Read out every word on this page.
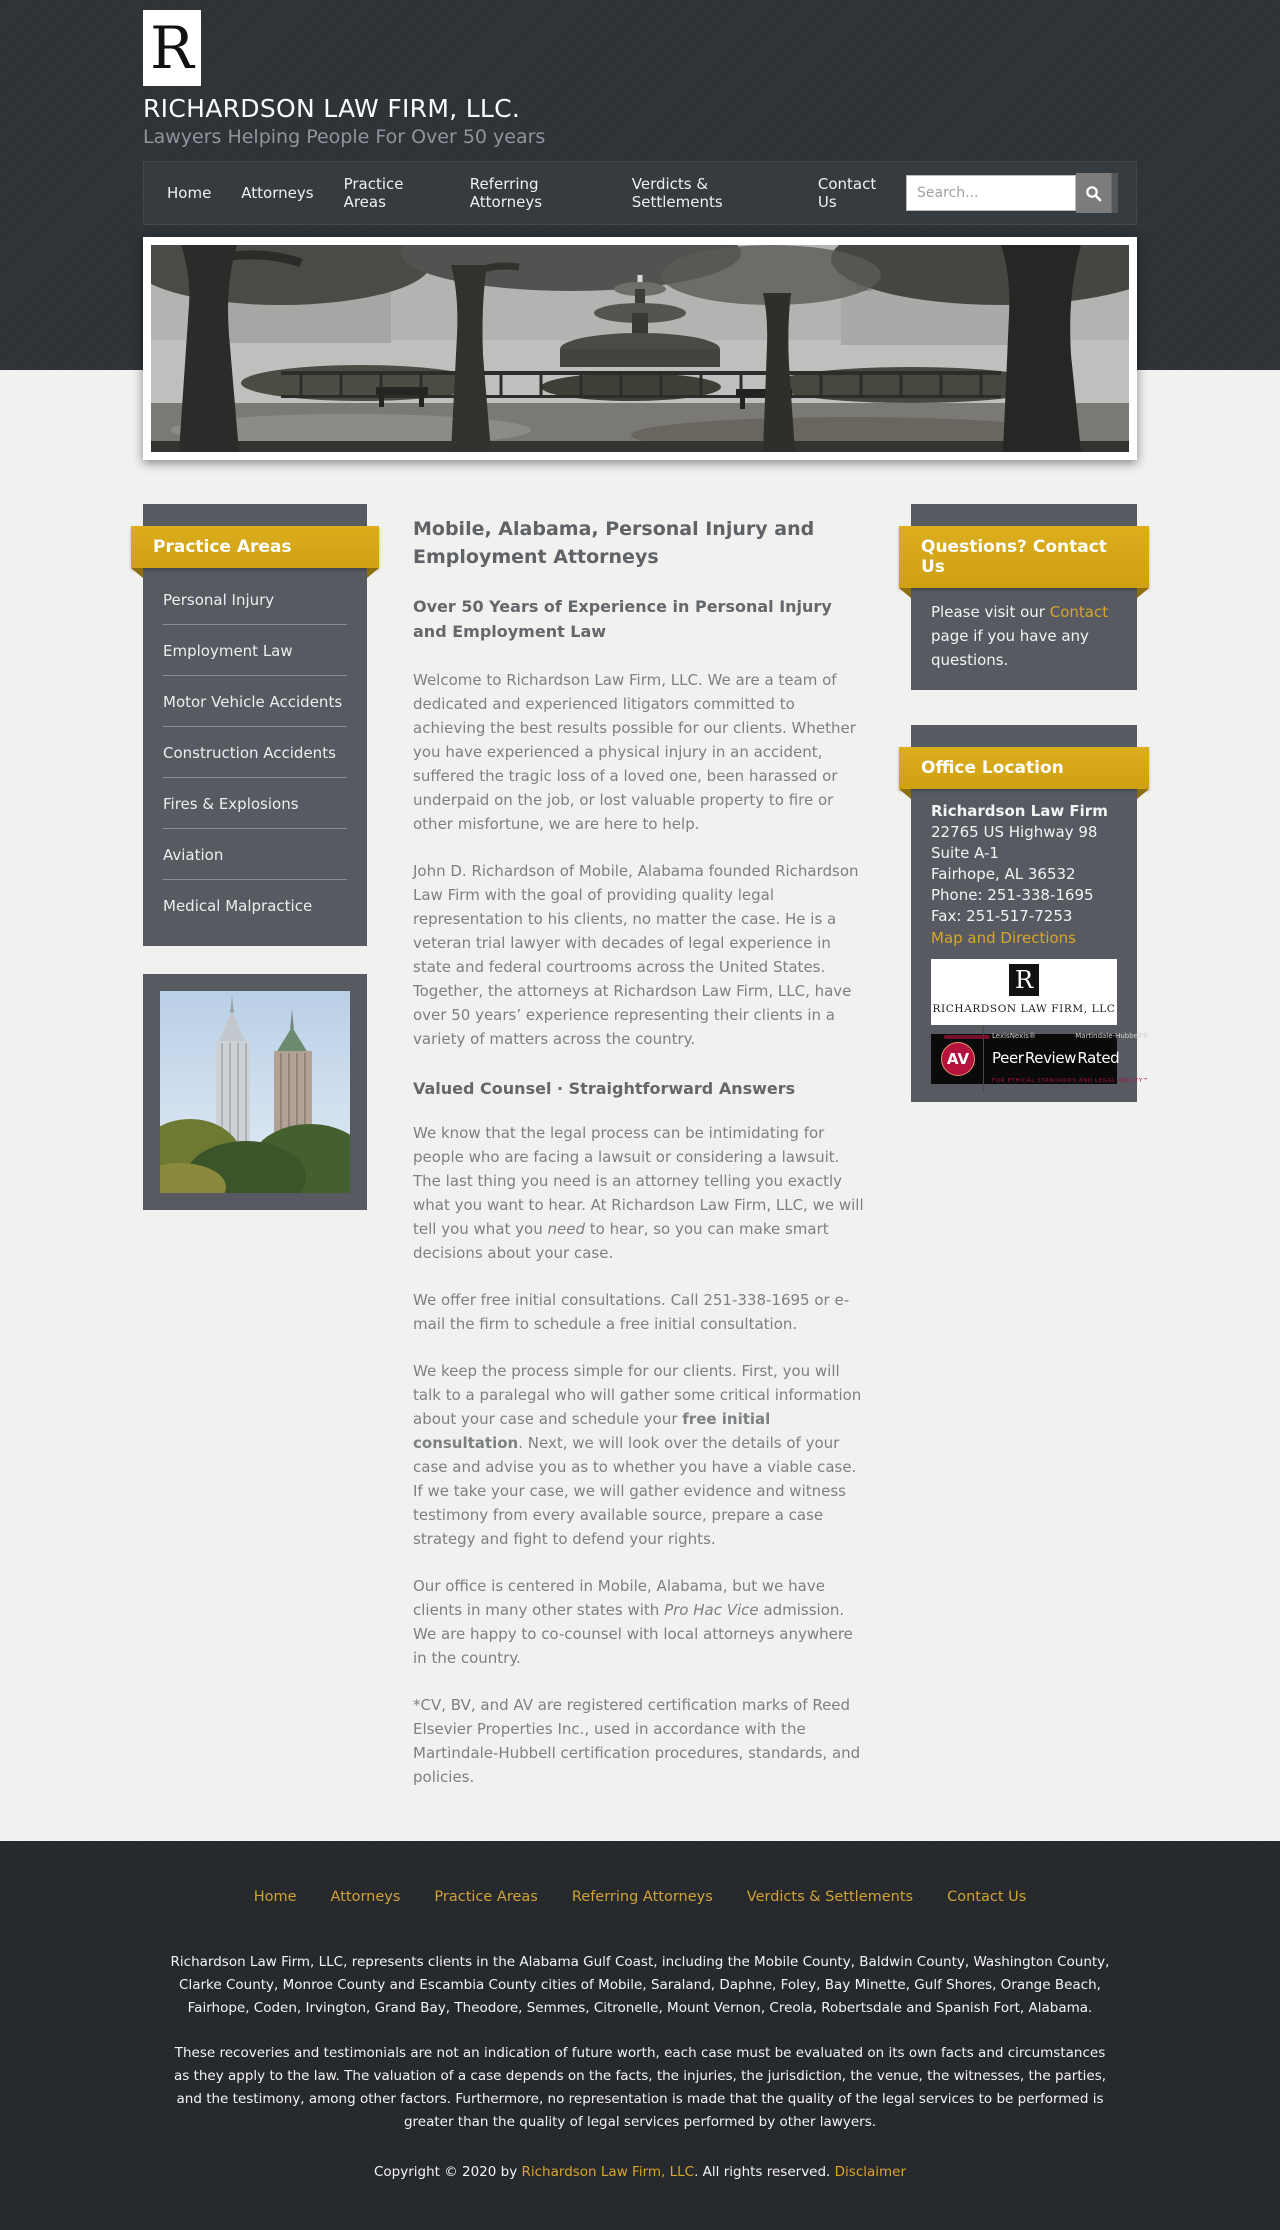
R
RICHARDSON LAW FIRM, LLC.
Lawyers Helping People For Over 50 years
Home	Attorneys	Practice Areas
Referring Attorneys
Verdicts & Settlements
Contact Us
Search...
Practice Areas
Personal Injury
Employment Law
Motor Vehicle Accidents
Construction Accidents
Fires & Explosions
Aviation
Medical Malpractice
Mobile, Alabama, Personal Injury and Employment Attorneys
Over 50 Years of Experience in Personal Injury and Employment Law

Welcome to Richardson Law Firm, LLC. We are a team of dedicated and experienced litigators committed to achieving the best results possible for our clients. Whether you have experienced a physical injury in an accident, suffered the tragic loss of a loved one, been harassed or underpaid on the job, or lost valuable property to fire or other misfortune, we are here to help.

John D. Richardson of Mobile, Alabama founded Richardson Law Firm with the goal of providing quality legal representation to his clients, no matter the case. He is a veteran trial lawyer with decades of legal experience in state and federal courtrooms across the United States. Together, the attorneys at Richardson Law Firm, LLC, have over 50 years’ experience representing their clients in a variety of matters across the country.

Valued Counsel · Straightforward Answers

We know that the legal process can be intimidating for people who are facing a lawsuit or considering a lawsuit. The last thing you need is an attorney telling you exactly what you want to hear. At Richardson Law Firm, LLC, we will tell you what you need to hear, so you can make smart decisions about your case.

We offer free initial consultations. Call 251-338-1695 or e-mail the firm to schedule a free initial consultation.

We keep the process simple for our clients. First, you will talk to a paralegal who will gather some critical information about your case and schedule your free initial consultation. Next, we will look over the details of your case and advise you as to whether you have a viable case. If we take your case, we will gather evidence and witness testimony from every available source, prepare a case strategy and fight to defend your rights.

Our office is centered in Mobile, Alabama, but we have clients in many other states with Pro Hac Vice admission. We are happy to co-counsel with local attorneys anywhere in the country.

*CV, BV, and AV are registered certification marks of Reed Elsevier Properties Inc., used in accordance with the Martindale-Hubbell certification procedures, standards, and policies.

Questions? Contact Us
Please visit our Contact page if you have any questions.
Office Location
Richardson Law Firm
22765 US Highway 98
Suite A-1
Fairhope, AL 36532
Phone: 251-338-1695
Fax: 251-517-7253
Map and Directions
R
RICHARDSON LAW FIRM, LLC
AV
LexisNexis®	Martindale-Hubbell®
Peer Review Rated
FOR ETHICAL STANDARDS AND LEGAL ABILITY™
Home	Attorneys	Practice Areas	Referring Attorneys	Verdicts & Settlements	Contact Us

Richardson Law Firm, LLC, represents clients in the Alabama Gulf Coast, including the Mobile County, Baldwin County, Washington County, Clarke County, Monroe County and Escambia County cities of Mobile, Saraland, Daphne, Foley, Bay Minette, Gulf Shores, Orange Beach, Fairhope, Coden, Irvington, Grand Bay, Theodore, Semmes, Citronelle, Mount Vernon, Creola, Robertsdale and Spanish Fort, Alabama.

These recoveries and testimonials are not an indication of future worth, each case must be evaluated on its own facts and circumstances as they apply to the law. The valuation of a case depends on the facts, the injuries, the jurisdiction, the venue, the witnesses, the parties, and the testimony, among other factors. Furthermore, no representation is made that the quality of the legal services to be performed is greater than the quality of legal services performed by other lawyers.

Copyright © 2020 by Richardson Law Firm, LLC. All rights reserved. Disclaimer
